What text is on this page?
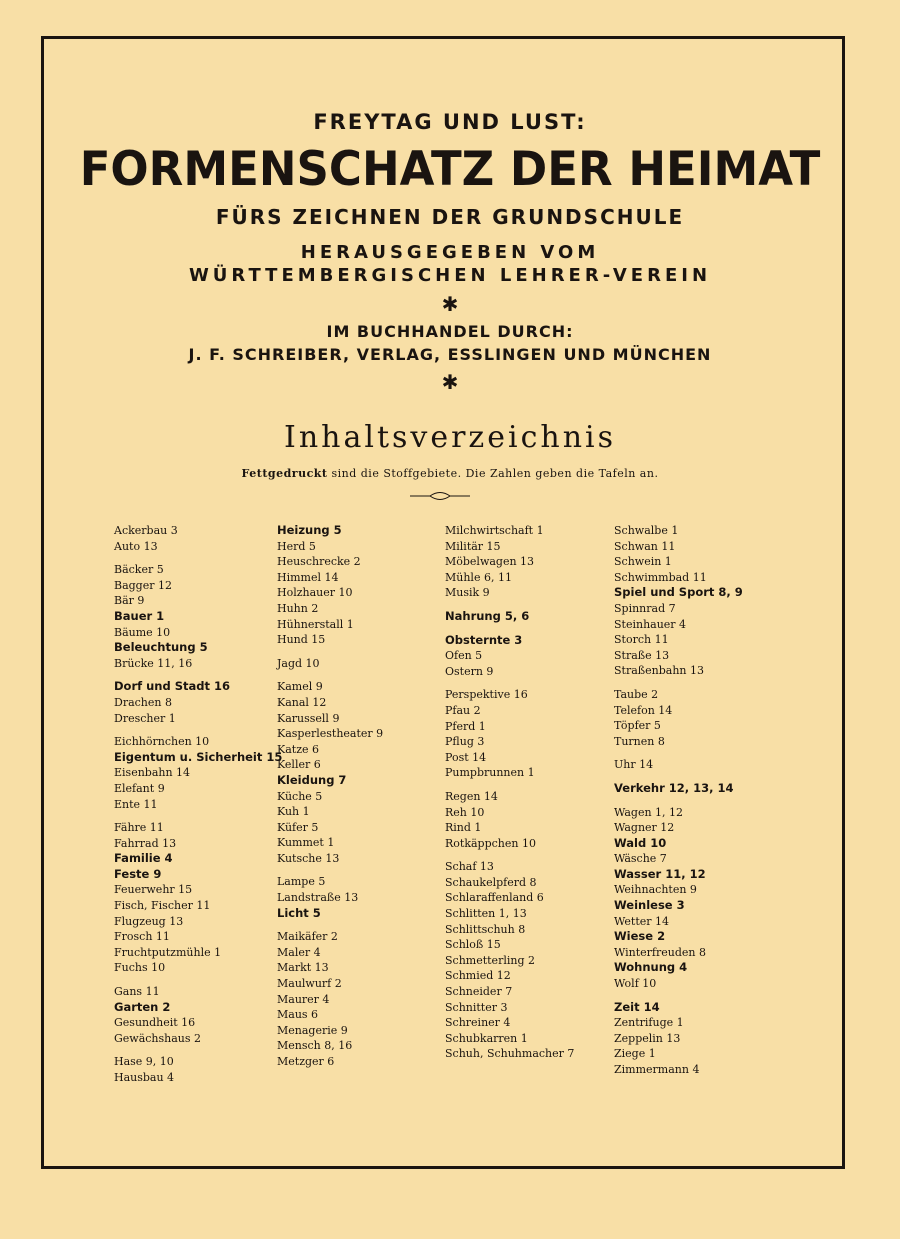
FREYTAG UND LUST:
FORMENSCHATZ DER HEIMAT
FÜRS ZEICHNEN DER GRUNDSCHULE
HERAUSGEGEBEN VOM
WÜRTTEMBERGISCHEN LEHRER-VEREIN
✱
IM BUCHHANDEL DURCH:
J. F. SCHREIBER, VERLAG, ESSLINGEN UND MÜNCHEN
✱
Inhaltsverzeichnis
Fettgedruckt sind die Stoffgebiete. Die Zahlen geben die Tafeln an.
Ackerbau 3
Auto 13
Bäcker 5
Bagger 12
Bär 9
Bauer 1
Bäume 10
Beleuchtung 5
Brücke 11, 16
Dorf und Stadt 16
Drachen 8
Drescher 1
Eichhörnchen 10
Eigentum u. Sicherheit 15
Eisenbahn 14
Elefant 9
Ente 11
Fähre 11
Fahrrad 13
Familie 4
Feste 9
Feuerwehr 15
Fisch, Fischer 11
Flugzeug 13
Frosch 11
Fruchtputzmühle 1
Fuchs 10
Gans 11
Garten 2
Gesundheit 16
Gewächshaus 2
Hase 9, 10
Hausbau 4
Heizung 5
Herd 5
Heuschrecke 2
Himmel 14
Holzhauer 10
Huhn 2
Hühnerstall 1
Hund 15
Jagd 10
Kamel 9
Kanal 12
Karussell 9
Kasperlestheater 9
Katze 6
Keller 6
Kleidung 7
Küche 5
Kuh 1
Küfer 5
Kummet 1
Kutsche 13
Lampe 5
Landstraße 13
Licht 5
Maikäfer 2
Maler 4
Markt 13
Maulwurf 2
Maurer 4
Maus 6
Menagerie 9
Mensch 8, 16
Metzger 6
Milchwirtschaft 1
Militär 15
Möbelwagen 13
Mühle 6, 11
Musik 9
Nahrung 5, 6
Obsternte 3
Ofen 5
Ostern 9
Perspektive 16
Pfau 2
Pferd 1
Pflug 3
Post 14
Pumpbrunnen 1
Regen 14
Reh 10
Rind 1
Rotkäppchen 10
Schaf 13
Schaukelpferd 8
Schlaraffenland 6
Schlitten 1, 13
Schlittschuh 8
Schloß 15
Schmetterling 2
Schmied 12
Schneider 7
Schnitter 3
Schreiner 4
Schubkarren 1
Schuh, Schuhmacher 7
Schwalbe 1
Schwan 11
Schwein 1
Schwimmbad 11
Spiel und Sport 8, 9
Spinnrad 7
Steinhauer 4
Storch 11
Straße 13
Straßenbahn 13
Taube 2
Telefon 14
Töpfer 5
Turnen 8
Uhr 14
Verkehr 12, 13, 14
Wagen 1, 12
Wagner 12
Wald 10
Wäsche 7
Wasser 11, 12
Weihnachten 9
Weinlese 3
Wetter 14
Wiese 2
Winterfreuden 8
Wohnung 4
Wolf 10
Zeit 14
Zentrifuge 1
Zeppelin 13
Ziege 1
Zimmermann 4
